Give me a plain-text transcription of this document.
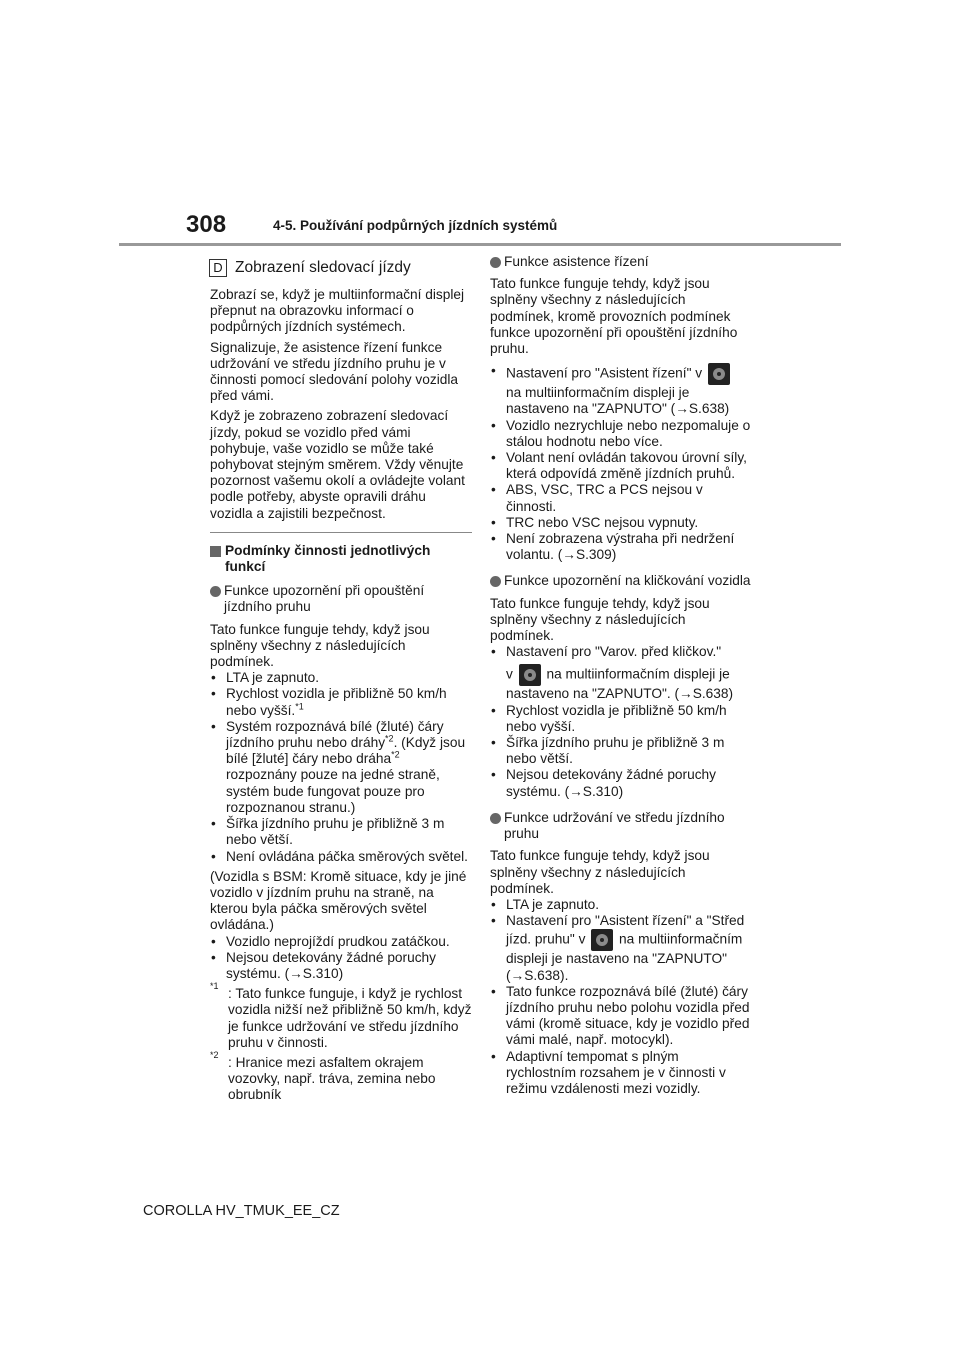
308	4-5. Používání podpůrných jízdních systémů
D Zobrazení sledovací jízdy

Zobrazí se, když je multiinformační displej přepnut na obrazovku informací o podpůrných jízdních systémech.

Signalizuje, že asistence řízení funkce udržování ve středu jízdního pruhu je v činnosti pomocí sledování polohy vozidla před vámi.

Když je zobrazeno zobrazení sledovací jízdy, pokud se vozidlo před vámi pohybuje, vaše vozidlo se může také pohybovat stejným směrem. Vždy věnujte pozornost vašemu okolí a ovládejte volant podle potřeby, abyste opravili dráhu vozidla a zajistili bezpečnost.

Podmínky činnosti jednotlivých funkcí
Funkce upozornění při opouštění jízdního pruhu

Tato funkce funguje tehdy, když jsou splněny všechny z následujících podmínek.

• LTA je zapnuto.
• Rychlost vozidla je přibližně 50 km/h nebo vyšší.$^{*1}$
• Systém rozpoznává bílé (žluté) čáry jízdního pruhu nebo dráhy$^{*2}$. (Když jsou bílé [žluté] čáry nebo dráha$^{*2}$ rozpoznány pouze na jedné straně, systém bude fungovat pouze pro rozpoznanou stranu.)
• Šířka jízdního pruhu je přibližně 3 m nebo větší.
• Není ovládána páčka směrových světel.

(Vozidla s BSM: Kromě situace, kdy je jiné vozidlo v jízdním pruhu na straně, na kterou byla páčka směrových světel ovládána.)

• Vozidlo neprojíždí prudkou zatáčkou.
• Nejsou detekovány žádné poruchy systému. (→S.310)
*1 : Tato funkce funguje, i když je rychlost vozidla nižší než přibližně 50 km/h, když je funkce udržování ve středu jízdního pruhu v činnosti.
*2 : Hranice mezi asfaltem okrajem vozovky, např. tráva, zemina nebo obrubník
Funkce asistence řízení

Tato funkce funguje tehdy, když jsou splněny všechny z následujících podmínek, kromě provozních podmínek funkce upozornění při opouštění jízdního pruhu.

• Nastavení pro "Asistent řízení" v
na multiinformačním displeji je nastaveno na "ZAPNUTO" (→S.638)
• Vozidlo nezrychluje nebo nezpomaluje o stálou hodnotu nebo více.
• Volant není ovládán takovou úrovní síly, která odpovídá změně jízdních pruhů.
• ABS, VSC, TRC a PCS nejsou v činnosti.
• TRC nebo VSC nejsou vypnuty.
• Není zobrazena výstraha při nedržení volantu. (→S.309)
Funkce upozornění na kličkování vozidla

Tato funkce funguje tehdy, když jsou splněny všechny z následujících podmínek.

• Nastavení pro "Varov. před kličkov."
v na multiinformačním displeji je nastaveno na "ZAPNUTO". (→S.638)
• Rychlost vozidla je přibližně 50 km/h nebo vyšší.
• Šířka jízdního pruhu je přibližně 3 m nebo větší.
• Nejsou detekovány žádné poruchy systému. (→S.310)
Funkce udržování ve středu jízdního pruhu

Tato funkce funguje tehdy, když jsou splněny všechny z následujících podmínek.

• LTA je zapnuto.
• Nastavení pro "Asistent řízení" a "Střed jízd. pruhu" v na multiinformačním displeji je nastaveno na "ZAPNUTO" (→S.638).
• Tato funkce rozpoznává bílé (žluté) čáry jízdního pruhu nebo polohu vozidla před vámi (kromě situace, kdy je vozidlo před vámi malé, např. motocykl).
• Adaptivní tempomat s plným rychlostním rozsahem je v činnosti v režimu vzdálenosti mezi vozidly.
COROLLA HV_TMUK_EE_CZ
